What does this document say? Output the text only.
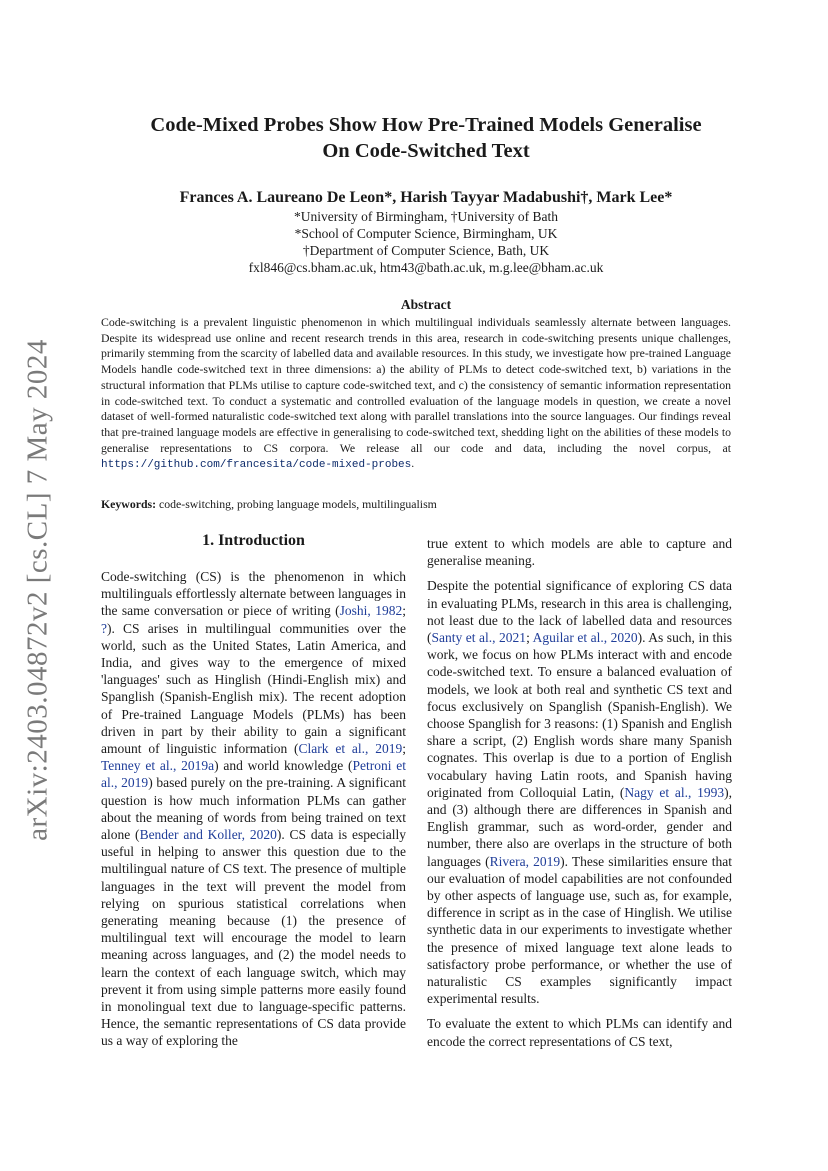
arXiv:2403.04872v2 [cs.CL] 7 May 2024
Code-Mixed Probes Show How Pre-Trained Models Generalise
On Code-Switched Text
Frances A. Laureano De Leon*, Harish Tayyar Madabushi†, Mark Lee*
*University of Birmingham, †University of Bath
*School of Computer Science, Birmingham, UK
†Department of Computer Science, Bath, UK
fxl846@cs.bham.ac.uk, htm43@bath.ac.uk, m.g.lee@bham.ac.uk
Abstract

Code-switching is a prevalent linguistic phenomenon in which multilingual individuals seamlessly alternate between languages. Despite its widespread use online and recent research trends in this area, research in code-switching presents unique challenges, primarily stemming from the scarcity of labelled data and available resources. In this study, we investigate how pre-trained Language Models handle code-switched text in three dimensions: a) the ability of PLMs to detect code-switched text, b) variations in the structural information that PLMs utilise to capture code-switched text, and c) the consistency of semantic information representation in code-switched text. To conduct a systematic and controlled evaluation of the language models in question, we create a novel dataset of well-formed naturalistic code-switched text along with parallel translations into the source languages. Our findings reveal that pre-trained language models are effective in generalising to code-switched text, shedding light on the abilities of these models to generalise representations to CS corpora. We release all our code and data, including the novel corpus, at https://github.com/francesita/code-mixed-probes.

Keywords: code-switching, probing language models, multilingualism
1. Introduction

Code-switching (CS) is the phenomenon in which multilinguals effortlessly alternate between languages in the same conversation or piece of writing (Joshi, 1982; ?). CS arises in multilingual communities over the world, such as the United States, Latin America, and India, and gives way to the emergence of mixed 'languages' such as Hinglish (Hindi-English mix) and Spanglish (Spanish-English mix). The recent adoption of Pre-trained Language Models (PLMs) has been driven in part by their ability to gain a significant amount of linguistic information (Clark et al., 2019; Tenney et al., 2019a) and world knowledge (Petroni et al., 2019) based purely on the pre-training. A significant question is how much information PLMs can gather about the meaning of words from being trained on text alone (Bender and Koller, 2020). CS data is especially useful in helping to answer this question due to the multilingual nature of CS text. The presence of multiple languages in the text will prevent the model from relying on spurious statistical correlations when generating meaning because (1) the presence of multilingual text will encourage the model to learn meaning across languages, and (2) the model needs to learn the context of each language switch, which may prevent it from using simple patterns more easily found in monolingual text due to language-specific patterns. Hence, the semantic representations of CS data provide us a way of exploring the

true extent to which models are able to capture and generalise meaning.

Despite the potential significance of exploring CS data in evaluating PLMs, research in this area is challenging, not least due to the lack of labelled data and resources (Santy et al., 2021; Aguilar et al., 2020). As such, in this work, we focus on how PLMs interact with and encode code-switched text. To ensure a balanced evaluation of models, we look at both real and synthetic CS text and focus exclusively on Spanglish (Spanish-English). We choose Spanglish for 3 reasons: (1) Spanish and English share a script, (2) English words share many Spanish cognates. This overlap is due to a portion of English vocabulary having Latin roots, and Spanish having originated from Colloquial Latin, (Nagy et al., 1993), and (3) although there are differences in Spanish and English grammar, such as word-order, gender and number, there also are overlaps in the structure of both languages (Rivera, 2019). These similarities ensure that our evaluation of model capabilities are not confounded by other aspects of language use, such as, for example, difference in script as in the case of Hinglish. We utilise synthetic data in our experiments to investigate whether the presence of mixed language text alone leads to satisfactory probe performance, or whether the use of naturalistic CS examples significantly impact experimental results.

To evaluate the extent to which PLMs can identify and encode the correct representations of CS text,
